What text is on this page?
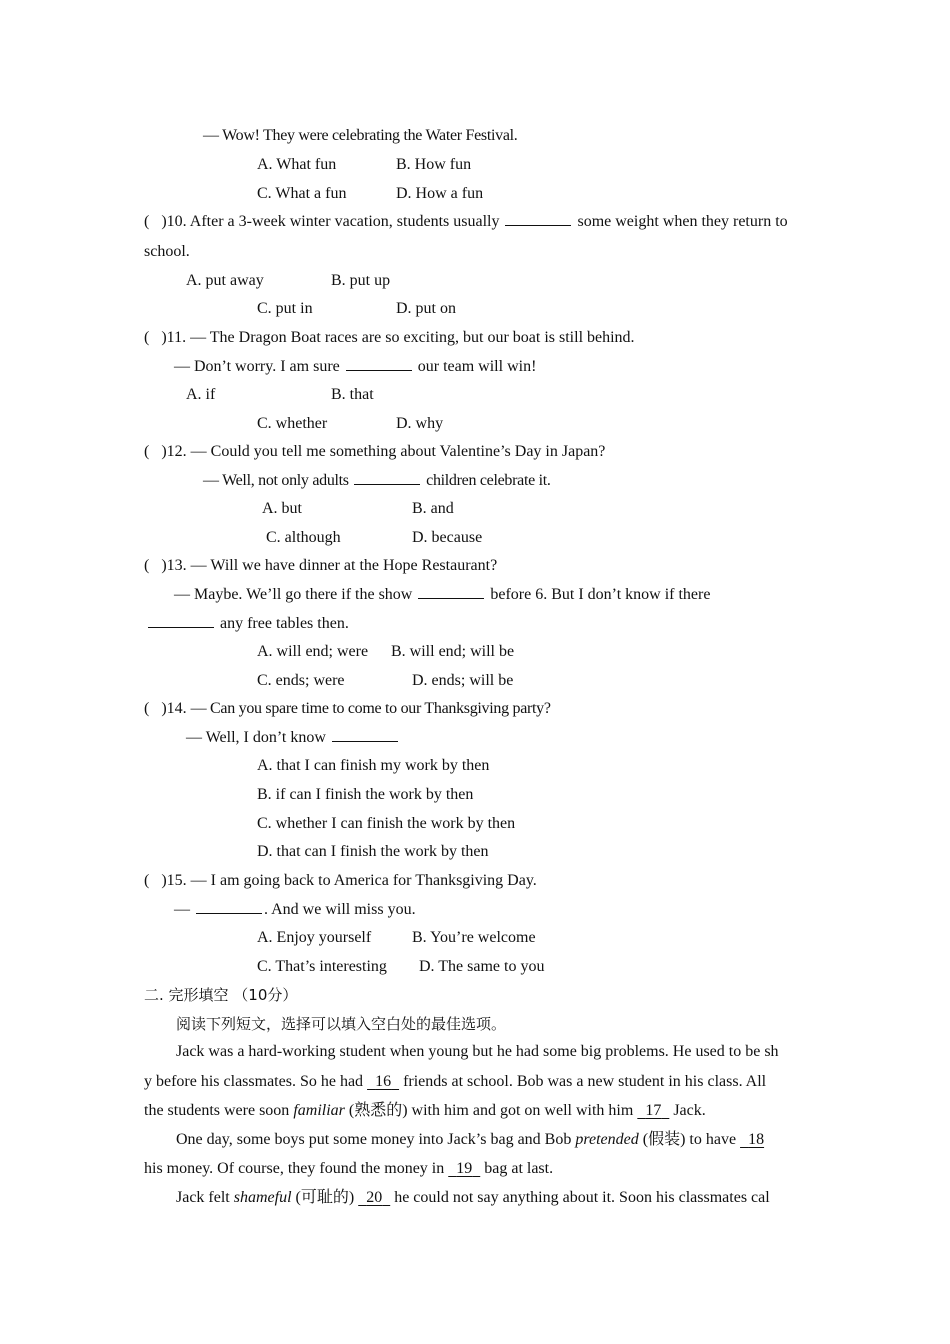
— Wow! They were celebrating the Water Festival.
A. What fun	B. How fun
C. What a fun	D. How a fun
( )10. After a 3-week winter vacation, students usually	some weight when they return to
school.
A. put away	B. put up
C. put in	D. put on
( )11. — The Dragon Boat races are so exciting, but our boat is still behind.
— Don’t worry. I am sure	our team will win!
A. if	B. that
C. whether	D. why
( )12. — Could you tell me something about Valentine’s Day in Japan?
— Well, not only adults	children celebrate it.
A. but	B. and
C. although	D. because
( )13. — Will we have dinner at the Hope Restaurant?
— Maybe. We’ll go there if the show	before 6. But I don’t know if there
any free tables then.
A. will end; were B. will end; will be
C. ends; were	D. ends; will be
( )14. — Can you spare time to come to our Thanksgiving party?
— Well, I don’t know
A. that I can finish my work by then
B. if can I finish the work by then
C. whether I can finish the work by then
D. that can I finish the work by then
( )15. — I am going back to America for Thanksgiving Day.
—	. And we will miss you.
A. Enjoy yourself	B. You’re welcome
C. That’s interesting D. The same to you
二. 完形填空 （10分）
阅读下列短文，选择可以填入空白处的最佳选项。
Jack was a hard-working student when young but he had some big problems. He used to be sh
y before his classmates. So he had 16 friends at school. Bob was a new student in his class. All
the students were soon familiar (熟悉的) with him and got on well with him 17 Jack.
One day, some boys put some money into Jack’s bag and Bob pretended (假装) to have 18
his money. Of course, they found the money in 19 bag at last.
Jack felt shameful (可耻的) 20 he could not say anything about it. Soon his classmates cal
